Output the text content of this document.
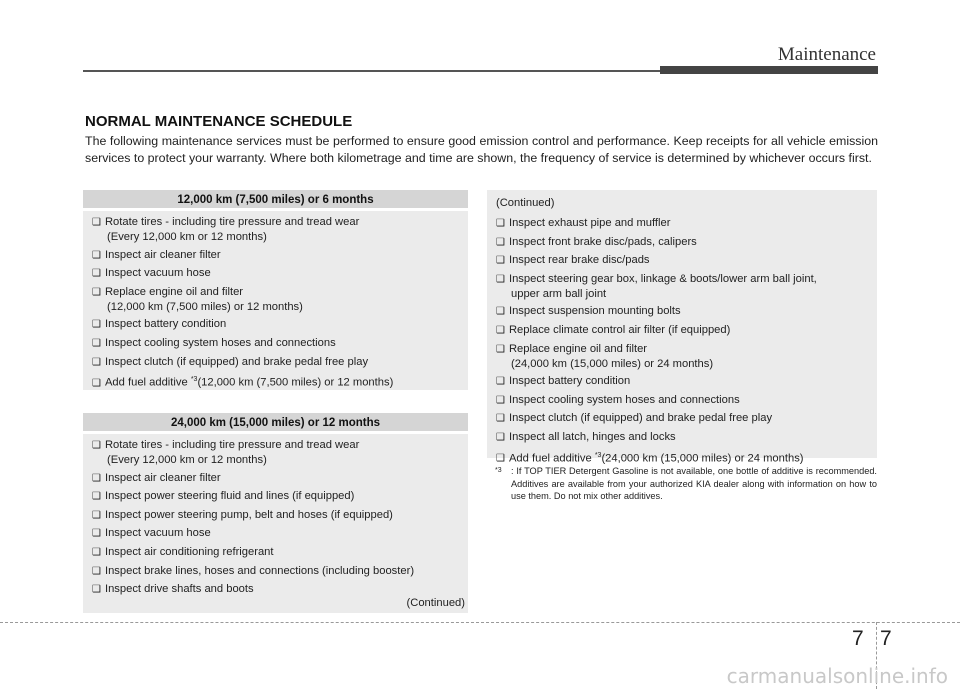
Maintenance
NORMAL MAINTENANCE SCHEDULE
The following maintenance services must be performed to ensure good emission control and performance. Keep receipts for all vehicle emission services to protect your warranty. Where both kilometrage and time are shown, the frequency of service is determined by whichever occurs first.
12,000 km (7,500 miles) or 6 months
❑ Rotate tires - including tire pressure and tread wear
(Every 12,000 km or 12 months)
❑ Inspect air cleaner filter
❑ Inspect vacuum hose
❑ Replace engine oil and filter
(12,000 km (7,500 miles) or 12 months)
❑ Inspect battery condition
❑ Inspect cooling system hoses and connections
❑ Inspect clutch (if equipped) and brake pedal free play
❑ Add fuel additive $^{*3}$(12,000 km (7,500 miles) or 12 months)
24,000 km (15,000 miles) or 12 months
❑ Rotate tires - including tire pressure and tread wear
(Every 12,000 km or 12 months)
❑ Inspect air cleaner filter
❑ Inspect power steering fluid and lines (if equipped)
❑ Inspect power steering pump, belt and hoses (if equipped)
❑ Inspect vacuum hose
❑ Inspect air conditioning refrigerant
❑ Inspect brake lines, hoses and connections (including booster)
❑ Inspect drive shafts and boots
(Continued)
(Continued)
❑ Inspect exhaust pipe and muffler
❑ Inspect front brake disc/pads, calipers
❑ Inspect rear brake disc/pads
❑ Inspect steering gear box, linkage & boots/lower arm ball joint,
upper arm ball joint
❑ Inspect suspension mounting bolts
❑ Replace climate control air filter (if equipped)
❑ Replace engine oil and filter
(24,000 km (15,000 miles) or 24 months)
❑ Inspect battery condition
❑ Inspect cooling system hoses and connections
❑ Inspect clutch (if equipped) and brake pedal free play
❑ Inspect all latch, hinges and locks
❑ Add fuel additive $^{*3}$(24,000 km (15,000 miles) or 24 months)
*3	: If TOP TIER Detergent Gasoline is not available, one bottle of additive is recommended. Additives are available from your authorized KIA dealer along with information on how to use them. Do not mix other additives.
7 7
carmanualsonline.info
